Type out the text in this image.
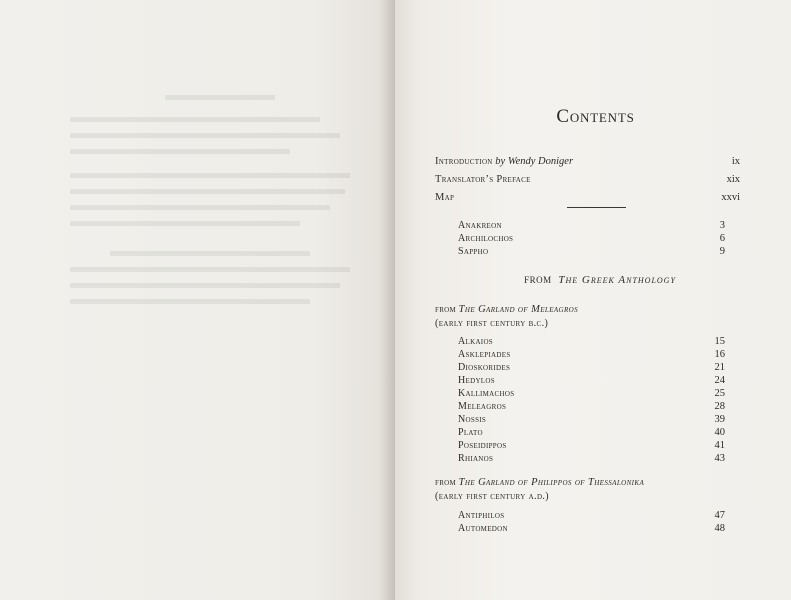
Contents
Introduction by Wendy Doniger	ix
Translator’s Preface	xix
Map	xxvi
Anakreon	3
Archilochos	6
Sappho	9
from The Greek Anthology
from The Garland of Meleagros
(early first century b.c.)
Alkaios	15
Asklepiades	16
Dioskorides	21
Hedylos	24
Kallimachos	25
Meleagros	28
Nossis	39
Plato	40
Poseidippos	41
Rhianos	43
from The Garland of Philippos of Thessalonika
(early first century a.d.)
Antiphilos	47
Automedon	48
